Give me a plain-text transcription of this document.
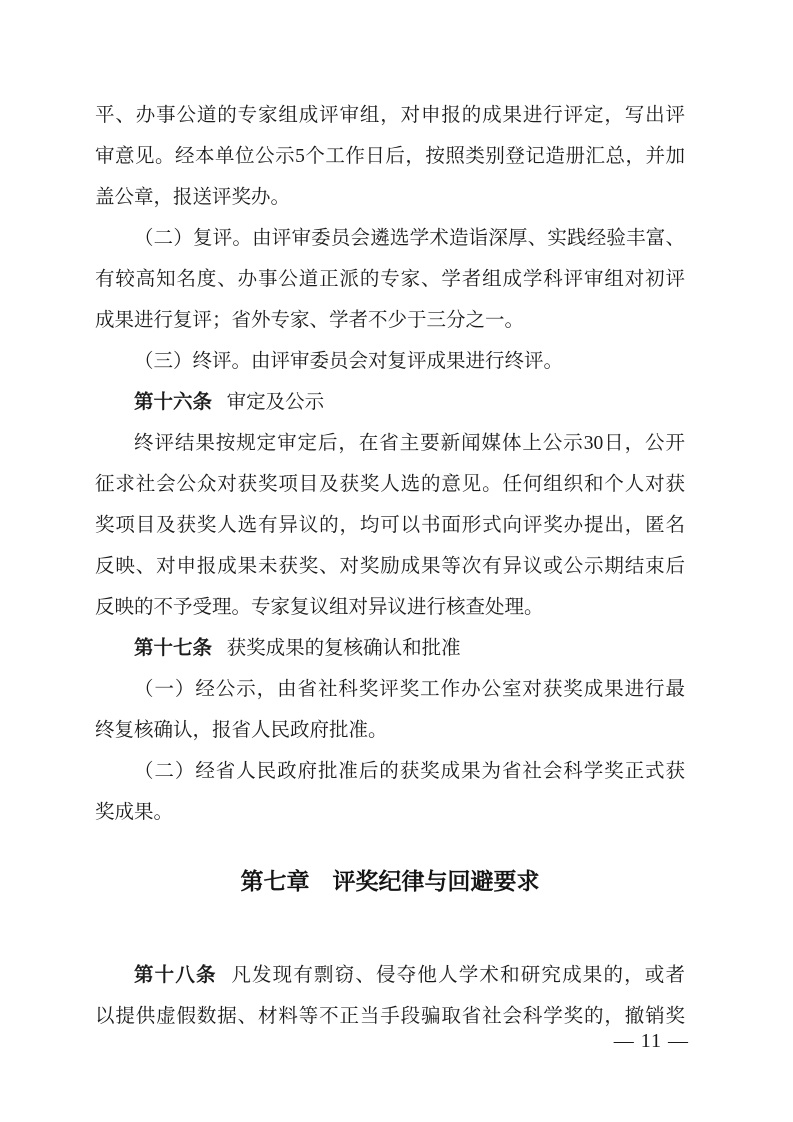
平、办事公道的专家组成评审组，对申报的成果进行评定，写出评
审意见。经本单位公示5个工作日后，按照类别登记造册汇总，并加
盖公章，报送评奖办。
（二）复评。由评审委员会遴选学术造诣深厚、实践经验丰富、
有较高知名度、办事公道正派的专家、学者组成学科评审组对初评
成果进行复评；省外专家、学者不少于三分之一。
（三）终评。由评审委员会对复评成果进行终评。
第十六条 审定及公示
终评结果按规定审定后，在省主要新闻媒体上公示30日，公开
征求社会公众对获奖项目及获奖人选的意见。任何组织和个人对获
奖项目及获奖人选有异议的，均可以书面形式向评奖办提出，匿名
反映、对申报成果未获奖、对奖励成果等次有异议或公示期结束后
反映的不予受理。专家复议组对异议进行核查处理。
第十七条 获奖成果的复核确认和批准
（一）经公示，由省社科奖评奖工作办公室对获奖成果进行最
终复核确认，报省人民政府批准。
（二）经省人民政府批准后的获奖成果为省社会科学奖正式获
奖成果。
第七章 评奖纪律与回避要求
第十八条 凡发现有剽窃、侵夺他人学术和研究成果的，或者
以提供虚假数据、材料等不正当手段骗取省社会科学奖的，撤销奖
— 11 —
